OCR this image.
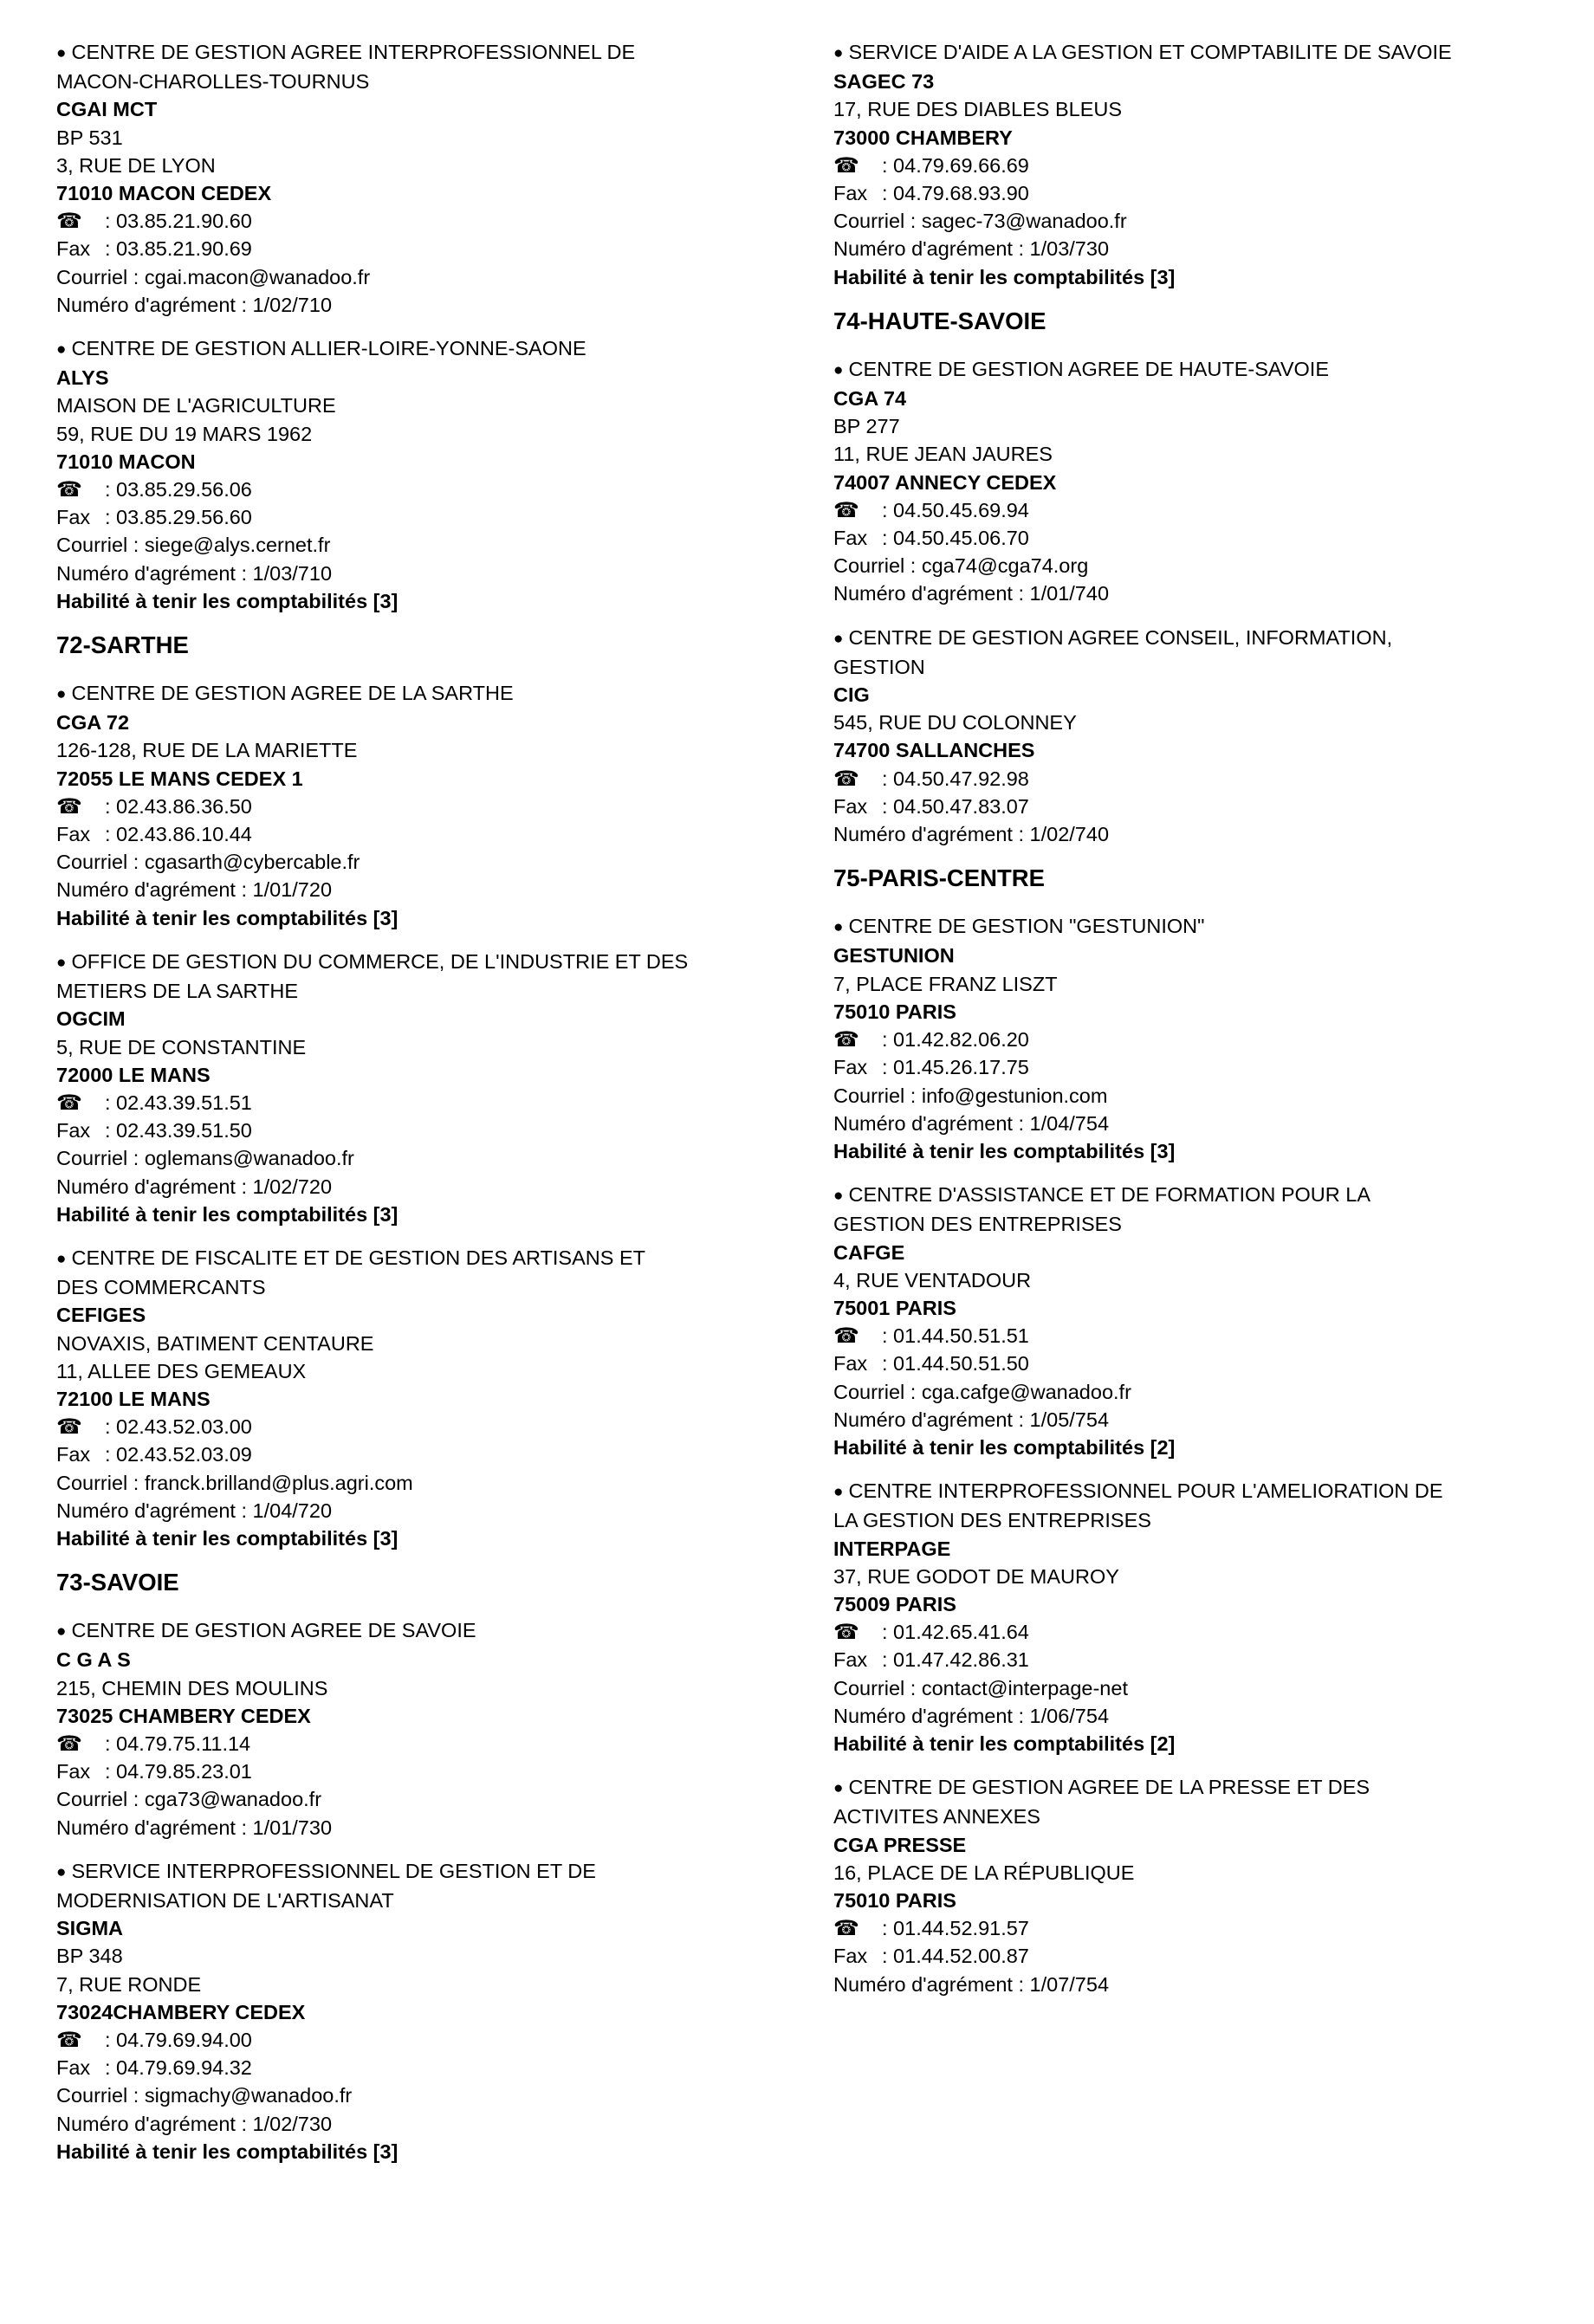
● CENTRE DE GESTION AGREE INTERPROFESSIONNEL DE
MACON-CHAROLLES-TOURNUS
CGAI MCT
BP 531
3, RUE DE LYON
71010 MACON CEDEX
☎ : 03.85.21.90.60
Fax : 03.85.21.90.69
Courriel : cgai.macon@wanadoo.fr
Numéro d'agrément : 1/02/710
● CENTRE DE GESTION ALLIER-LOIRE-YONNE-SAONE
ALYS
MAISON DE L'AGRICULTURE
59, RUE DU 19 MARS 1962
71010 MACON
☎ : 03.85.29.56.06
Fax : 03.85.29.56.60
Courriel : siege@alys.cernet.fr
Numéro d'agrément : 1/03/710
Habilité à tenir les comptabilités [3]
72-SARTHE
● CENTRE DE GESTION AGREE DE LA SARTHE
CGA 72
126-128, RUE DE LA MARIETTE
72055 LE MANS CEDEX 1
☎ : 02.43.86.36.50
Fax : 02.43.86.10.44
Courriel : cgasarth@cybercable.fr
Numéro d'agrément : 1/01/720
Habilité à tenir les comptabilités [3]
● OFFICE DE GESTION DU COMMERCE, DE L'INDUSTRIE ET DES
METIERS DE LA SARTHE
OGCIM
5, RUE DE CONSTANTINE
72000 LE MANS
☎ : 02.43.39.51.51
Fax : 02.43.39.51.50
Courriel : oglemans@wanadoo.fr
Numéro d'agrément : 1/02/720
Habilité à tenir les comptabilités [3]
● CENTRE DE FISCALITE ET DE GESTION DES ARTISANS ET
DES COMMERCANTS
CEFIGES
NOVAXIS, BATIMENT CENTAURE
11, ALLEE DES GEMEAUX
72100 LE MANS
☎ : 02.43.52.03.00
Fax : 02.43.52.03.09
Courriel : franck.brilland@plus.agri.com
Numéro d'agrément : 1/04/720
Habilité à tenir les comptabilités [3]
73-SAVOIE
● CENTRE DE GESTION AGREE DE SAVOIE
C G A S
215, CHEMIN DES MOULINS
73025 CHAMBERY CEDEX
☎ : 04.79.75.11.14
Fax : 04.79.85.23.01
Courriel : cga73@wanadoo.fr
Numéro d'agrément : 1/01/730
● SERVICE INTERPROFESSIONNEL DE GESTION ET DE
MODERNISATION DE L'ARTISANAT
SIGMA
BP 348
7, RUE RONDE
73024CHAMBERY CEDEX
☎ : 04.79.69.94.00
Fax : 04.79.69.94.32
Courriel : sigmachy@wanadoo.fr
Numéro d'agrément : 1/02/730
Habilité à tenir les comptabilités [3]
● SERVICE D'AIDE A LA GESTION ET COMPTABILITE DE SAVOIE
SAGEC 73
17, RUE DES DIABLES BLEUS
73000 CHAMBERY
☎ : 04.79.69.66.69
Fax : 04.79.68.93.90
Courriel : sagec-73@wanadoo.fr
Numéro d'agrément : 1/03/730
Habilité à tenir les comptabilités [3]
74-HAUTE-SAVOIE
● CENTRE DE GESTION AGREE DE HAUTE-SAVOIE
CGA 74
BP 277
11, RUE JEAN JAURES
74007 ANNECY CEDEX
☎ : 04.50.45.69.94
Fax : 04.50.45.06.70
Courriel : cga74@cga74.org
Numéro d'agrément : 1/01/740
● CENTRE DE GESTION AGREE CONSEIL, INFORMATION,
GESTION
CIG
545, RUE DU COLONNEY
74700 SALLANCHES
☎ : 04.50.47.92.98
Fax : 04.50.47.83.07
Numéro d'agrément : 1/02/740
75-PARIS-CENTRE
● CENTRE DE GESTION "GESTUNION"
GESTUNION
7, PLACE FRANZ LISZT
75010 PARIS
☎ : 01.42.82.06.20
Fax : 01.45.26.17.75
Courriel : info@gestunion.com
Numéro d'agrément : 1/04/754
Habilité à tenir les comptabilités [3]
● CENTRE D'ASSISTANCE ET DE FORMATION POUR LA
GESTION DES ENTREPRISES
CAFGE
4, RUE VENTADOUR
75001 PARIS
☎ : 01.44.50.51.51
Fax : 01.44.50.51.50
Courriel : cga.cafge@wanadoo.fr
Numéro d'agrément : 1/05/754
Habilité à tenir les comptabilités [2]
● CENTRE INTERPROFESSIONNEL POUR L'AMELIORATION DE
LA GESTION DES ENTREPRISES
INTERPAGE
37, RUE GODOT DE MAUROY
75009 PARIS
☎ : 01.42.65.41.64
Fax : 01.47.42.86.31
Courriel : contact@interpage-net
Numéro d'agrément : 1/06/754
Habilité à tenir les comptabilités [2]
● CENTRE DE GESTION AGREE DE LA PRESSE ET DES
ACTIVITES ANNEXES
CGA PRESSE
16, PLACE DE LA RÉPUBLIQUE
75010 PARIS
☎ : 01.44.52.91.57
Fax : 01.44.52.00.87
Numéro d'agrément : 1/07/754
